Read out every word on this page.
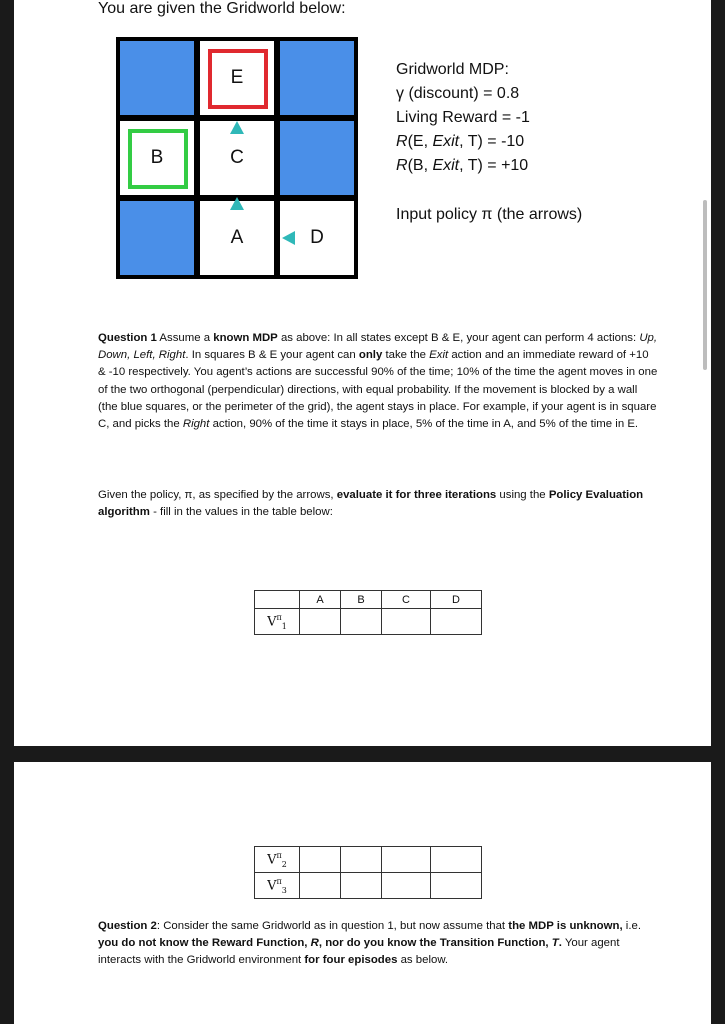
You are given the Gridworld below:
E
B	C
A	D
Gridworld MDP:
γ (discount) = 0.8
Living Reward = -1
R(E, Exit, T) = -10
R(B, Exit, T) = +10
Input policy π (the arrows)
Question 1 Assume a known MDP as above: In all states except B & E, your agent can perform 4 actions: Up, Down, Left, Right. In squares B & E your agent can only take the Exit action and an immediate reward of +10 & -10 respectively. You agent’s actions are successful 90% of the time; 10% of the time the agent moves in one of the two orthogonal (perpendicular) directions, with equal probability. If the movement is blocked by a wall (the blue squares, or the perimeter of the grid), the agent stays in place. For example, if your agent is in square C, and picks the Right action, 90% of the time it stays in place, 5% of the time in A, and 5% of the time in E.
Given the policy, π, as specified by the arrows, evaluate it for three iterations using the Policy Evaluation algorithm - fill in the values in the table below:
	A	B	C	D
$V^\pi_1$				
$V^\pi_2$				
$V^\pi_3$				
Question 2: Consider the same Gridworld as in question 1, but now assume that the MDP is unknown, i.e. you do not know the Reward Function, R, nor do you know the Transition Function, T. Your agent interacts with the Gridworld environment for four episodes as below.
